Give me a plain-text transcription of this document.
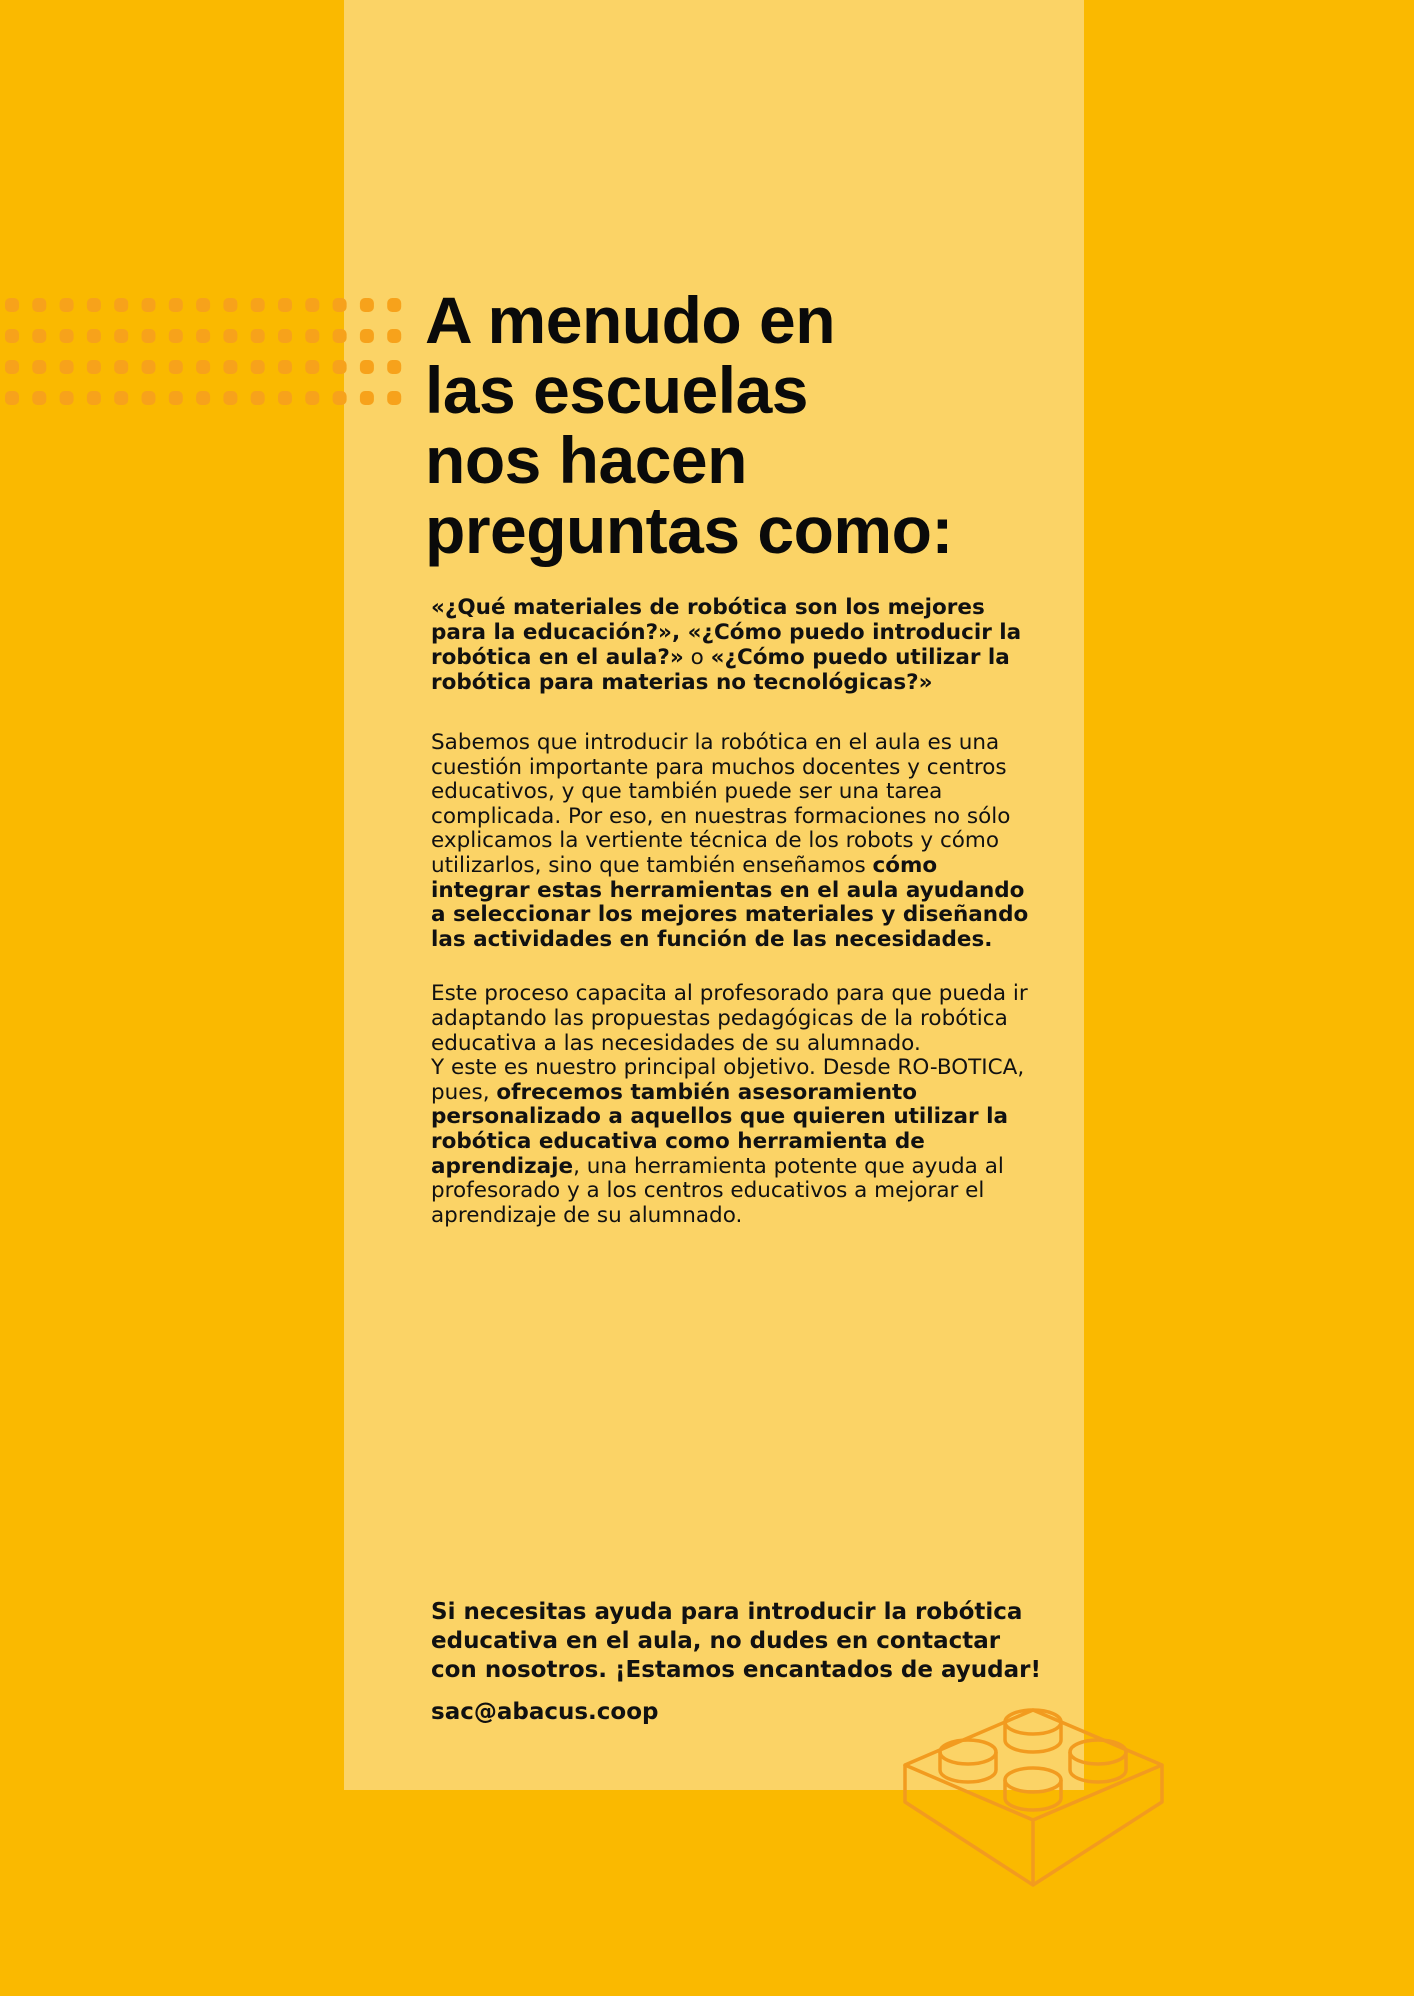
A menudo en
las escuelas
nos hacen
preguntas como:

«¿Qué materiales de robótica son los mejores para la educación?», «¿Cómo puedo introducir la robótica en el aula?» o «¿Cómo puedo utilizar la robótica para materias no tecnológicas?»

Sabemos que introducir la robótica en el aula es una cuestión importante para muchos docentes y centros educativos, y que también puede ser una tarea complicada. Por eso, en nuestras formaciones no sólo explicamos la vertiente técnica de los robots y cómo utilizarlos, sino que también enseñamos cómo integrar estas herramientas en el aula ayudando a seleccionar los mejores materiales y diseñando las actividades en función de las necesidades.

Este proceso capacita al profesorado para que pueda ir adaptando las propuestas pedagógicas de la robótica educativa a las necesidades de su alumnado.
Y este es nuestro principal objetivo. Desde RO-BOTICA, pues, ofrecemos también asesoramiento personalizado a aquellos que quieren utilizar la robótica educativa como herramienta de aprendizaje, una herramienta potente que ayuda al profesorado y a los centros educativos a mejorar el aprendizaje de su alumnado.

Si necesitas ayuda para introducir la robótica educativa en el aula, no dudes en contactar con nosotros. ¡Estamos encantados de ayudar!

sac@abacus.coop
